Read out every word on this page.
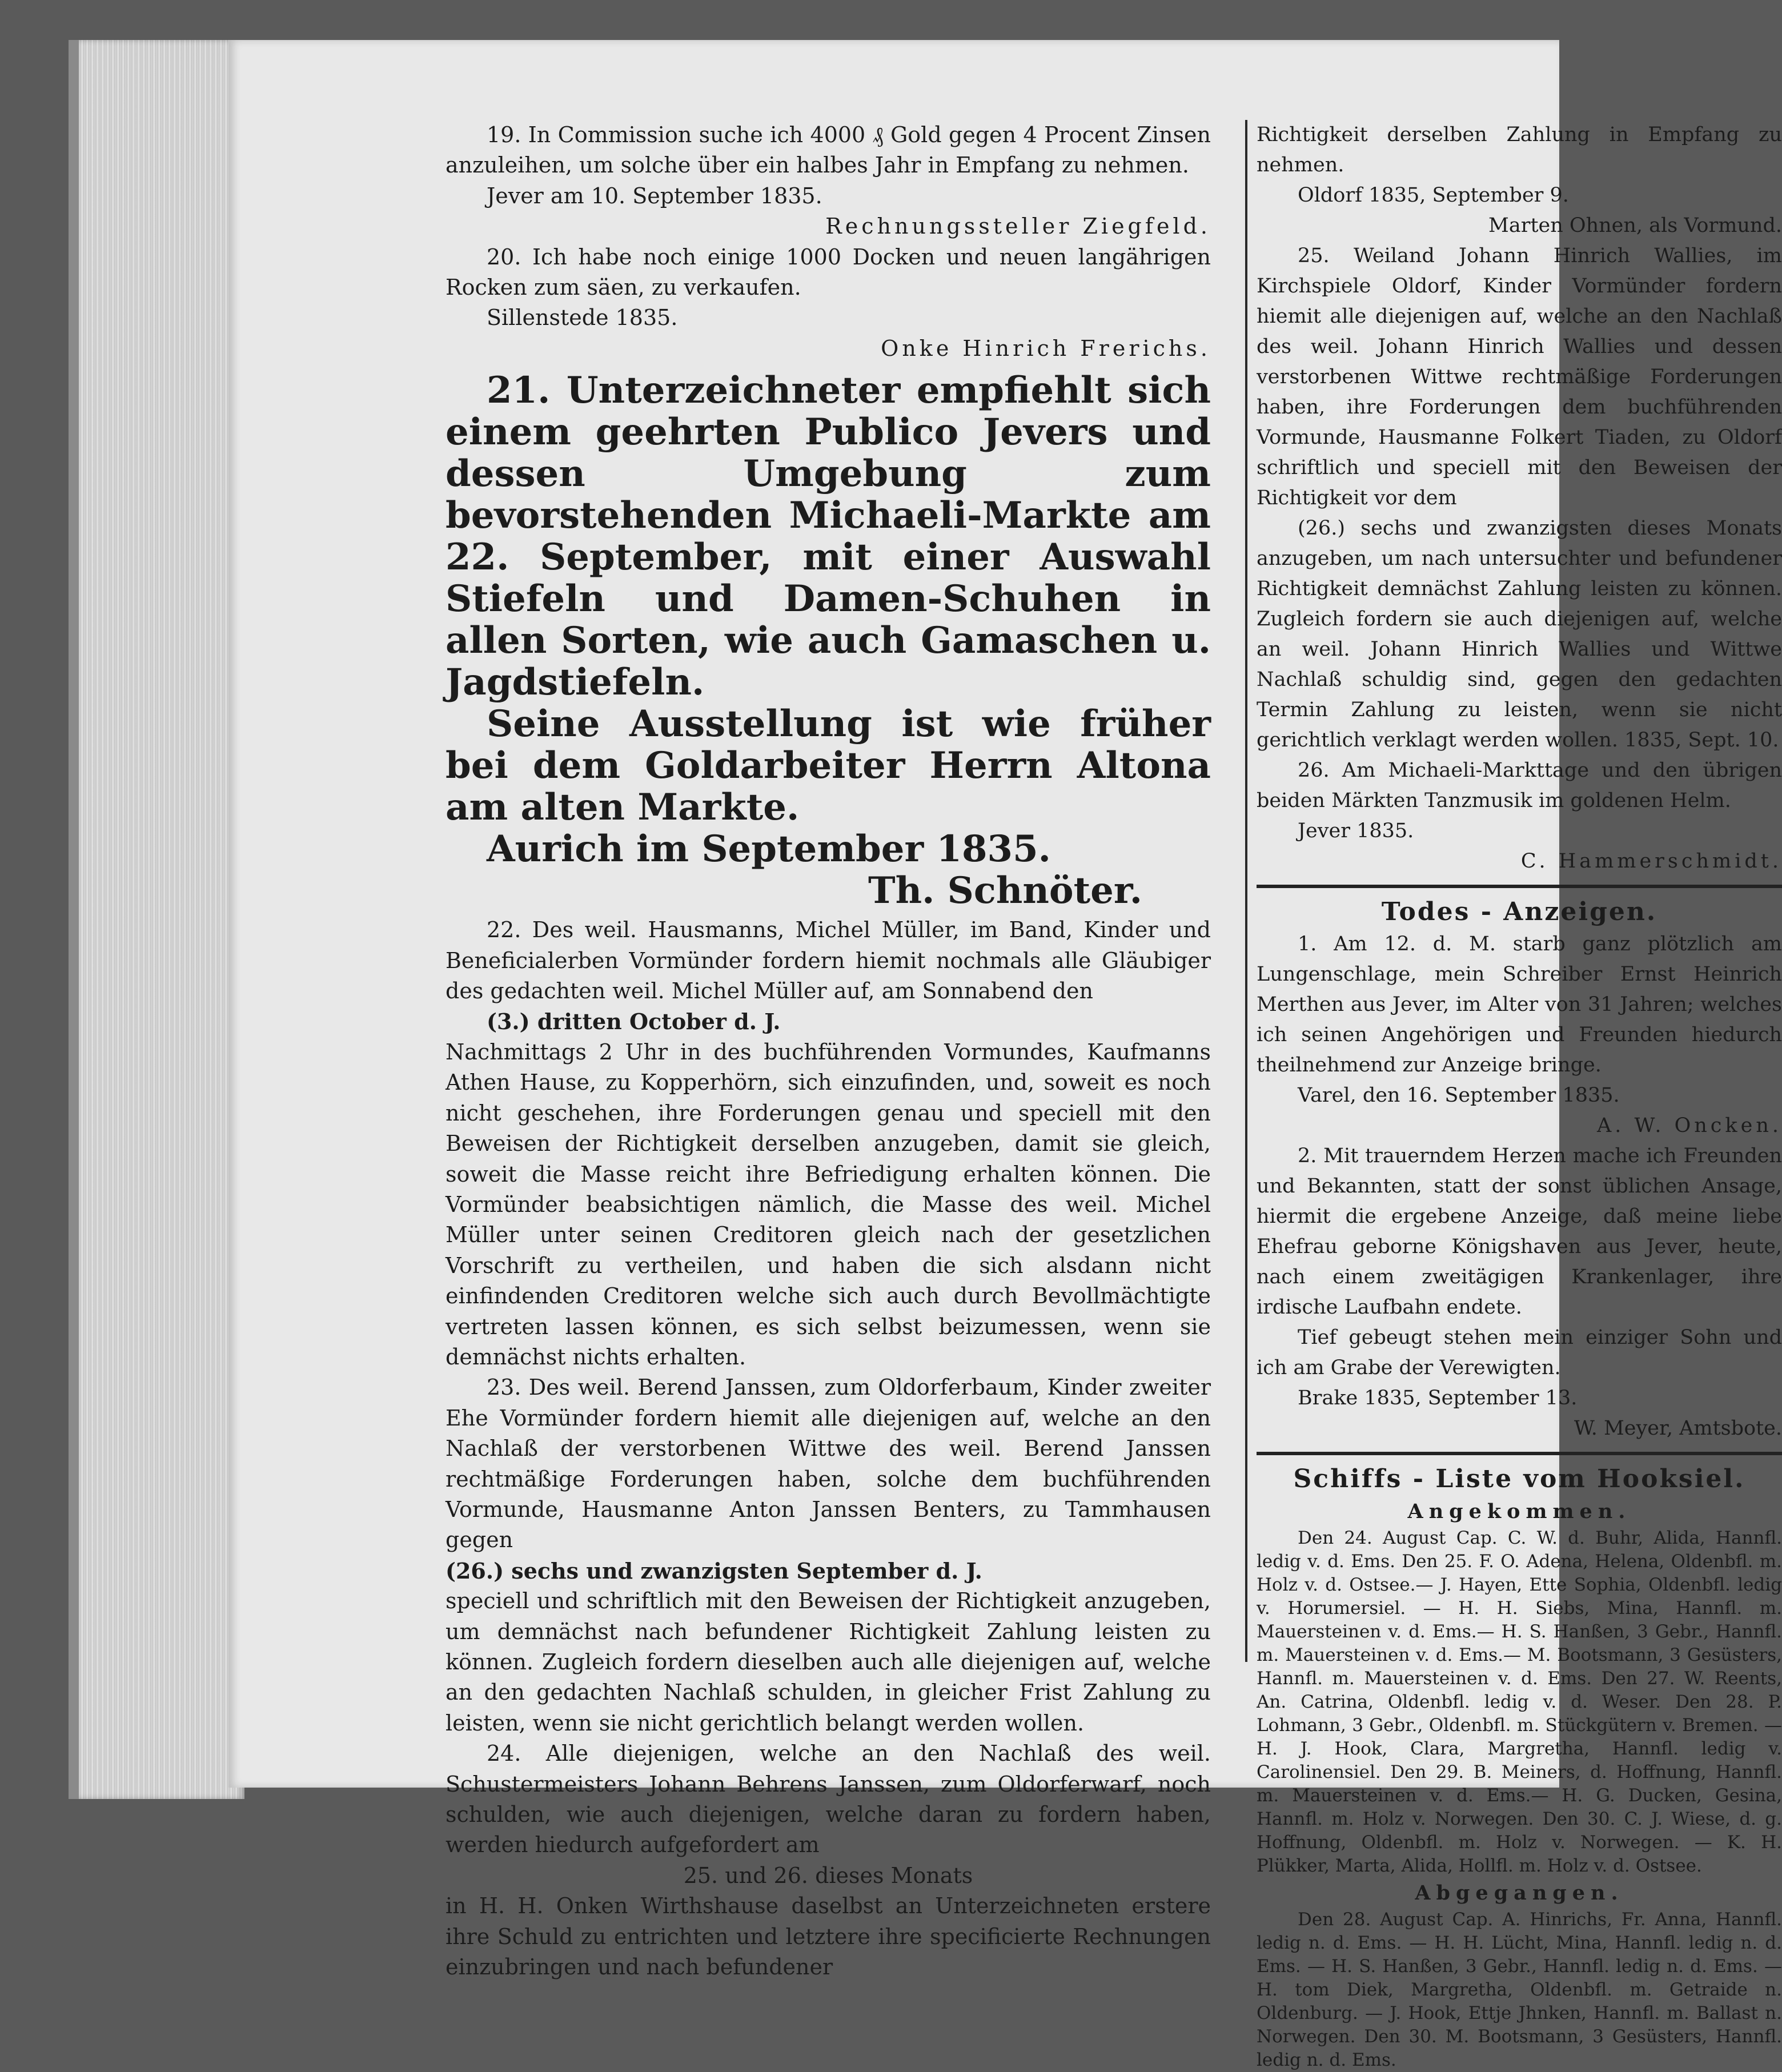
19. In Commission suche ich 4000 ₰ Gold gegen 4 Procent Zinsen anzuleihen, um solche über ein halbes Jahr in Empfang zu nehmen.

Jever am 10. September 1835.

Rechnungssteller Ziegfeld.

20. Ich habe noch einige 1000 Docken und neuen langährigen Rocken zum säen, zu verkaufen.

Sillenstede 1835.

Onke Hinrich Frerichs.

21. Unterzeichneter empfiehlt sich einem geehrten Publico Jevers und dessen Umgebung zum bevorstehenden Michaeli-Markte am 22. September, mit einer Auswahl Stiefeln und Damen-Schuhen in allen Sorten, wie auch Gamaschen u. Jagdstiefeln.

Seine Ausstellung ist wie früher bei dem Goldarbeiter Herrn Altona am alten Markte.

Aurich im September 1835.

Th. Schnöter.

22. Des weil. Hausmanns, Michel Müller, im Band, Kinder und Beneficialerben Vormünder fordern hiemit nochmals alle Gläubiger des gedachten weil. Michel Müller auf, am Sonnabend den

(3.) dritten October d. J.

Nachmittags 2 Uhr in des buchführenden Vormundes, Kaufmanns Athen Hause, zu Kopperhörn, sich einzufinden, und, soweit es noch nicht geschehen, ihre Forderungen genau und speciell mit den Beweisen der Richtigkeit derselben anzugeben, damit sie gleich, soweit die Masse reicht ihre Befriedigung erhalten können. Die Vormünder beabsichtigen nämlich, die Masse des weil. Michel Müller unter seinen Creditoren gleich nach der gesetzlichen Vorschrift zu vertheilen, und haben die sich alsdann nicht einfindenden Creditoren welche sich auch durch Bevollmächtigte vertreten lassen können, es sich selbst beizumessen, wenn sie demnächst nichts erhalten.

23. Des weil. Berend Janssen, zum Oldorferbaum, Kinder zweiter Ehe Vormünder fordern hiemit alle diejenigen auf, welche an den Nachlaß der verstorbenen Wittwe des weil. Berend Janssen rechtmäßige Forderungen haben, solche dem buchführenden Vormunde, Hausmanne Anton Janssen Benters, zu Tammhausen gegen

(26.) sechs und zwanzigsten September d. J.

speciell und schriftlich mit den Beweisen der Richtigkeit anzugeben, um demnächst nach befundener Richtigkeit Zahlung leisten zu können. Zugleich fordern dieselben auch alle diejenigen auf, welche an den gedachten Nachlaß schulden, in gleicher Frist Zahlung zu leisten, wenn sie nicht gerichtlich belangt werden wollen.

24. Alle diejenigen, welche an den Nachlaß des weil. Schustermeisters Johann Behrens Janssen, zum Oldorferwarf, noch schulden, wie auch diejenigen, welche daran zu fordern haben, werden hiedurch aufgefordert am

25. und 26. dieses Monats

in H. H. Onken Wirthshause daselbst an Unterzeichneten erstere ihre Schuld zu entrichten und letztere ihre specificierte Rechnungen einzubringen und nach befundener

Richtigkeit derselben Zahlung in Empfang zu nehmen.

Oldorf 1835, September 9.

Marten Ohnen, als Vormund.

25. Weiland Johann Hinrich Wallies, im Kirchspiele Oldorf, Kinder Vormünder fordern hiemit alle diejenigen auf, welche an den Nachlaß des weil. Johann Hinrich Wallies und dessen verstorbenen Wittwe rechtmäßige Forderungen haben, ihre Forderungen dem buchführenden Vormunde, Hausmanne Folkert Tiaden, zu Oldorf schriftlich und speciell mit den Beweisen der Richtigkeit vor dem

(26.) sechs und zwanzigsten dieses Monats anzugeben, um nach untersuchter und befundener Richtigkeit demnächst Zahlung leisten zu können. Zugleich fordern sie auch diejenigen auf, welche an weil. Johann Hinrich Wallies und Wittwe Nachlaß schuldig sind, gegen den gedachten Termin Zahlung zu leisten, wenn sie nicht gerichtlich verklagt werden wollen. 1835, Sept. 10.

26. Am Michaeli-Markttage und den übrigen beiden Märkten Tanzmusik im goldenen Helm.

Jever 1835.

C. Hammerschmidt.

Todes - Anzeigen.

1. Am 12. d. M. starb ganz plötzlich am Lungenschlage, mein Schreiber Ernst Heinrich Merthen aus Jever, im Alter von 31 Jahren; welches ich seinen Angehörigen und Freunden hiedurch theilnehmend zur Anzeige bringe.

Varel, den 16. September 1835.

A. W. Oncken.

2. Mit trauerndem Herzen mache ich Freunden und Bekannten, statt der sonst üblichen Ansage, hiermit die ergebene Anzeige, daß meine liebe Ehefrau geborne Königshaven aus Jever, heute, nach einem zweitägigen Krankenlager, ihre irdische Laufbahn endete.

Tief gebeugt stehen mein einziger Sohn und ich am Grabe der Verewigten.

Brake 1835, September 13.

W. Meyer, Amtsbote.

Schiffs - Liste vom Hooksiel.

Angekommen.

Den 24. August Cap. C. W. d. Buhr, Alida, Hannfl. ledig v. d. Ems. Den 25. F. O. Adena, Helena, Oldenbfl. m. Holz v. d. Ostsee.— J. Hayen, Ette Sophia, Oldenbfl. ledig v. Horumersiel. — H. H. Siebs, Mina, Hannfl. m. Mauersteinen v. d. Ems.— H. S. Hanßen, 3 Gebr., Hannfl. m. Mauersteinen v. d. Ems.— M. Bootsmann, 3 Gesüsters, Hannfl. m. Mauersteinen v. d. Ems. Den 27. W. Reents, An. Catrina, Oldenbfl. ledig v. d. Weser. Den 28. P. Lohmann, 3 Gebr., Oldenbfl. m. Stückgütern v. Bremen. — H. J. Hook, Clara, Margretha, Hannfl. ledig v. Carolinensiel. Den 29. B. Meiners, d. Hoffnung, Hannfl. m. Mauersteinen v. d. Ems.— H. G. Ducken, Gesina, Hannfl. m. Holz v. Norwegen. Den 30. C. J. Wiese, d. g. Hoffnung, Oldenbfl. m. Holz v. Norwegen. — K. H. Plükker, Marta, Alida, Hollfl. m. Holz v. d. Ostsee.

Abgegangen.

Den 28. August Cap. A. Hinrichs, Fr. Anna, Hannfl. ledig n. d. Ems. — H. H. Lücht, Mina, Hannfl. ledig n. d. Ems. — H. S. Hanßen, 3 Gebr., Hannfl. ledig n. d. Ems. — H. tom Diek, Margretha, Oldenbfl. m. Getraide n. Oldenburg. — J. Hook, Ettje Jhnken, Hannfl. m. Ballast n. Norwegen. Den 30. M. Bootsmann, 3 Gesüsters, Hannfl. ledig n. d. Ems.
